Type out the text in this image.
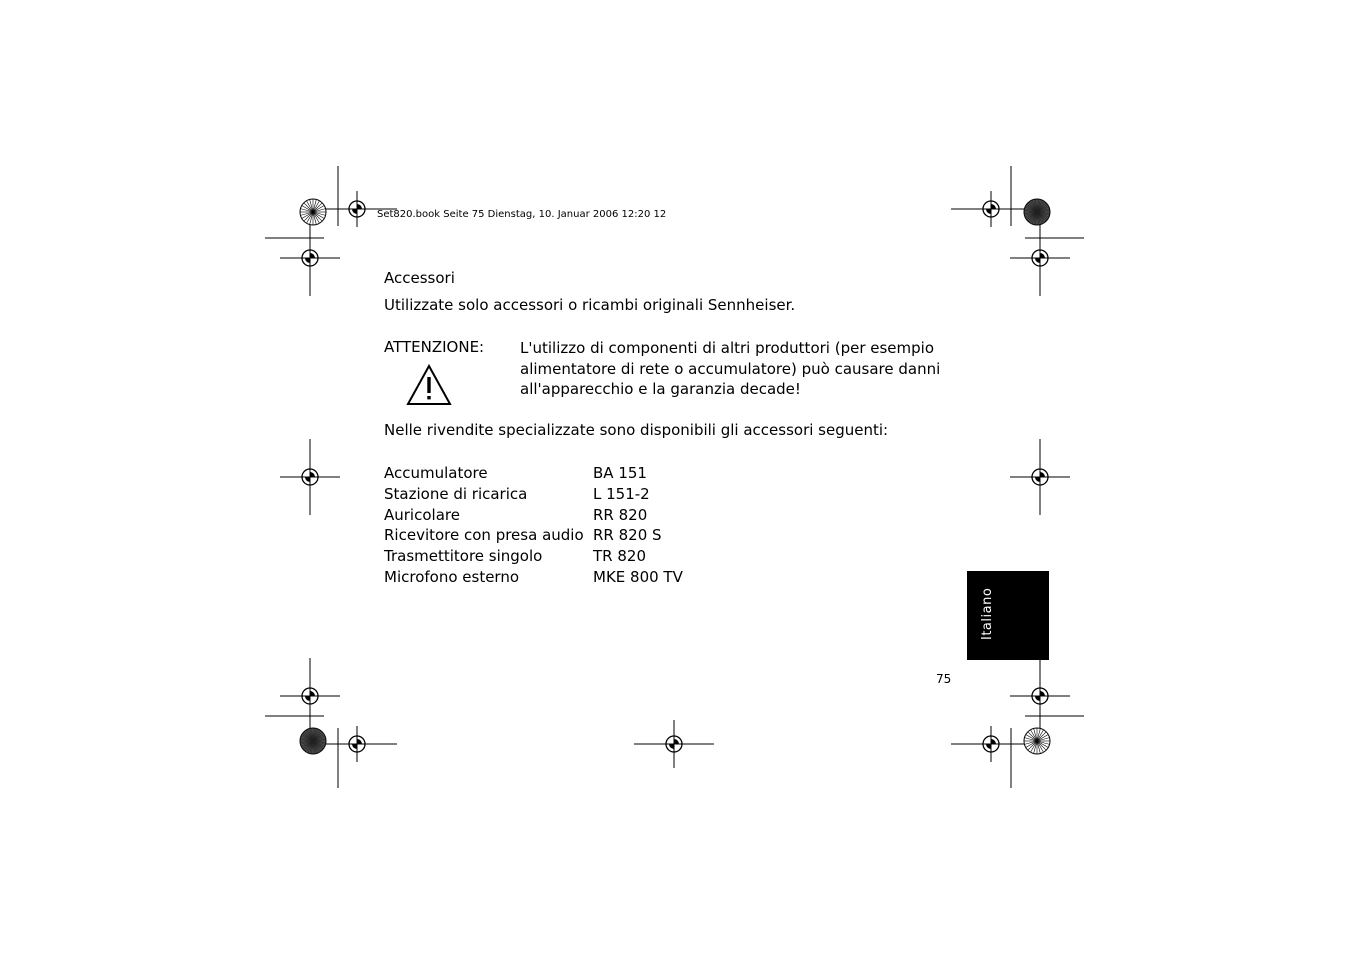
Set820.book Seite 75 Dienstag, 10. Januar 2006 12:20 12
Accessori
Utilizzate solo accessori o ricambi originali Sennheiser.
ATTENZIONE: L'utilizzo di componenti di altri produttori (per esempio
alimentatore di rete o accumulatore) può causare danni
all'apparecchio e la garanzia decade!
Nelle rivendite specializzate sono disponibili gli accessori seguenti:
Accumulatore	BA 151
Stazione di ricarica	L 151-2
Auricolare	RR 820
Ricevitore con presa audio RR 820 S
Trasmettitore singolo	TR 820
Microfono esterno	MKE 800 TV
Italiano
75
